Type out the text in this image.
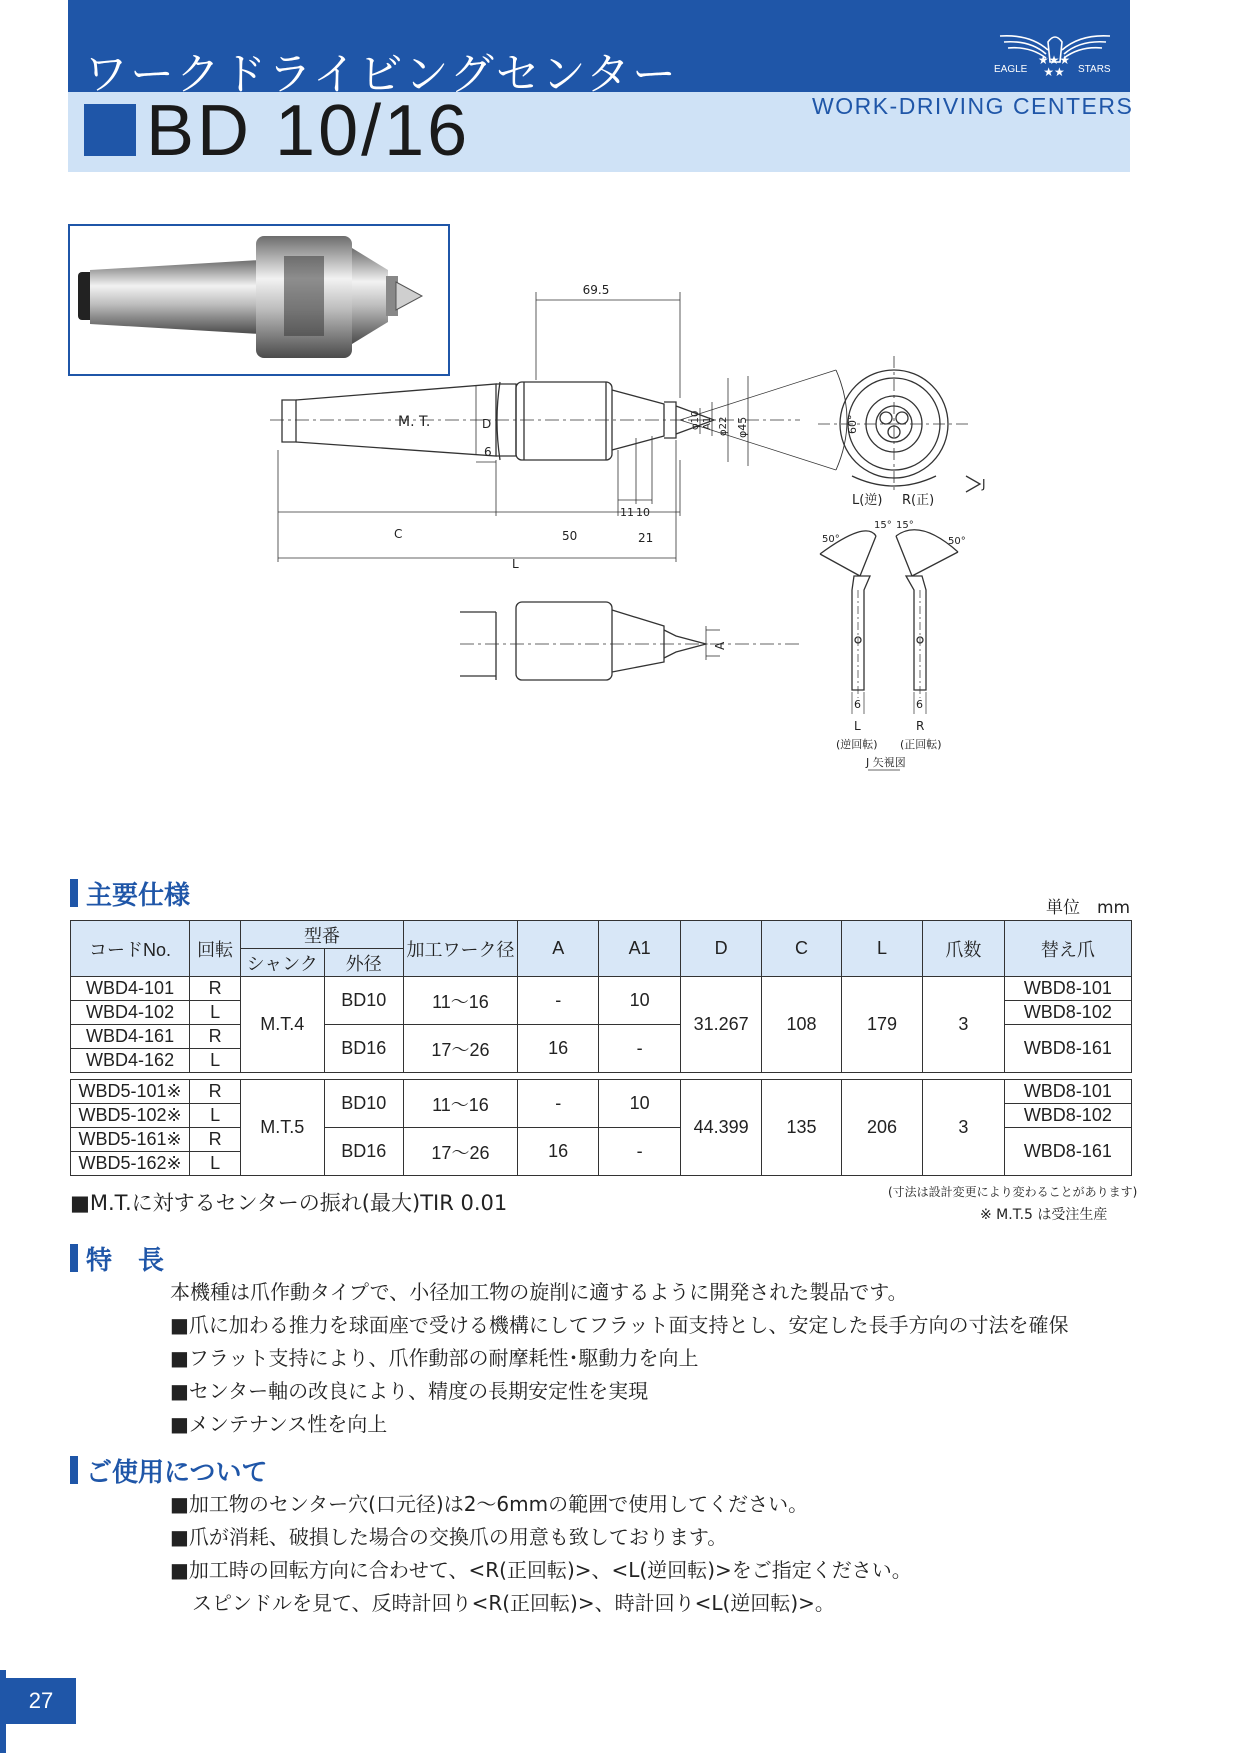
ワークドライビングセンター
BD 10/16	WORK-DRIVING CENTERS
★★★
★★
EAGLE	STARS
69.5
M. T.	D	φ10 A1 φ22 φ45	60°
6
11 10
C	50	21
L
A
L(逆) R(正)
J
50°
15° 15°
50°
6	6
L	R
(逆回転) (正回転)
J 矢視図
主要仕様	単位　mm
コードNo.	回転	型番		加工ワーク径	A	A1	D	C	L	爪数	替え爪
		シャンク	外径								
WBD4-101	R	M.T.4	BD10	11～16	-	10	31.267	108	179	3	WBD8-101
WBD4-102	L										WBD8-102
WBD4-161	R		BD16	17～26	16	-					WBD8-161
WBD4-162	L										

WBD5-101※	R	M.T.5	BD10	11～16	-	10	44.399	135	206	3	WBD8-101
WBD5-102※	L										WBD8-102
WBD5-161※	R		BD16	17～26	16	-					WBD8-161
WBD5-162※	L										
■M.T.に対するセンターの振れ(最大)TIR 0.01	(寸法は設計変更により変わることがあります)
※ M.T.5 は受注生産
特　長
本機種は爪作動タイプで、小径加工物の旋削に適するように開発された製品です。
■爪に加わる推力を球面座で受ける機構にしてフラット面支持とし、安定した長手方向の寸法を確保
■フラット支持により、爪作動部の耐摩耗性･駆動力を向上
■センター軸の改良により、精度の長期安定性を実現
■メンテナンス性を向上
ご使用について
■加工物のセンター穴(口元径)は2～6mmの範囲で使用してください。
■爪が消耗、破損した場合の交換爪の用意も致しております。
■加工時の回転方向に合わせて、<R(正回転)>、<L(逆回転)>をご指定ください。
スピンドルを見て、反時計回り<R(正回転)>、時計回り<L(逆回転)>。
27
